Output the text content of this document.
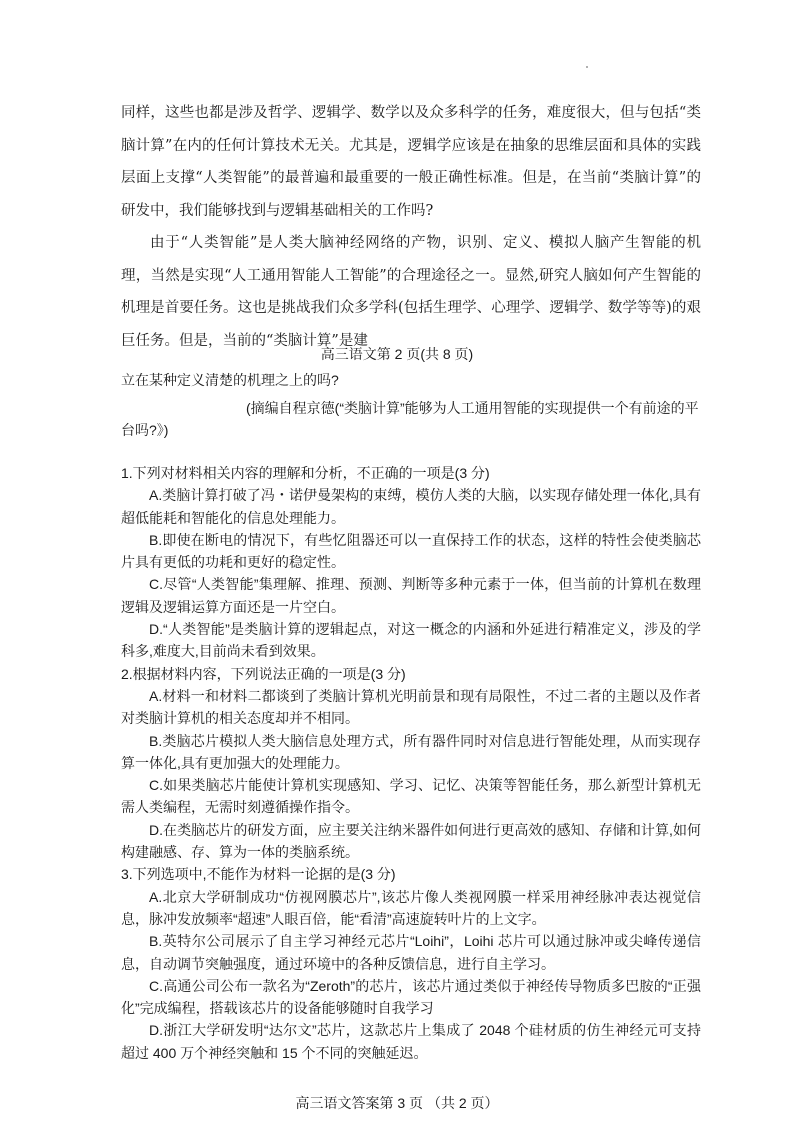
同样，这些也都是涉及哲学、逻辑学、数学以及众多科学的任务，难度很大，但与包括“类脑计算”在内的任何计算技术无关。尤其是，逻辑学应该是在抽象的思维层面和具体的实践层面上支撑“人类智能”的最普遍和最重要的一般正确性标准。但是，在当前“类脑计算”的研发中，我们能够找到与逻辑基础相关的工作吗?

由于“人类智能”是人类大脑神经网络的产物，识别、定义、模拟人脑产生智能的机理，当然是实现“人工通用智能人工智能”的合理途径之一。显然,研究人脑如何产生智能的机理是首要任务。这也是挑战我们众多学科(包括生理学、心理学、逻辑学、数学等等)的艰巨任务。但是，当前的“类脑计算”是建

高三语文第 2 页(共 8 页)
立在某种定义清楚的机理之上的吗?
(摘编自程京德(“类脑计算”能够为人工通用智能的实现提供一个有前途的平台吗?》)

1.下列对材料相关内容的理解和分析，不正确的一项是(3 分)

A.类脑计算打破了冯・诺伊曼架构的束缚，模仿人类的大脑，以实现存储处理一体化,具有超低能耗和智能化的信息处理能力。

B.即使在断电的情况下，有些忆阻器还可以一直保持工作的状态，这样的特性会使类脑芯片具有更低的功耗和更好的稳定性。

C.尽管“人类智能”集理解、推理、预测、判断等多种元素于一体，但当前的计算机在数理逻辑及逻辑运算方面还是一片空白。

D.“人类智能”是类脑计算的逻辑起点，对这一概念的内涵和外延进行精准定义，涉及的学科多,难度大,目前尚未看到效果。

2.根据材料内容，下列说法正确的一项是(3 分)

A.材料一和材料二都谈到了类脑计算机光明前景和现有局限性，不过二者的主题以及作者对类脑计算机的相关态度却并不相同。

B.类脑芯片模拟人类大脑信息处理方式，所有器件同时对信息进行智能处理，从而实现存算一体化,具有更加强大的处理能力。

C.如果类脑芯片能使计算机实现感知、学习、记忆、决策等智能任务，那么新型计算机无需人类编程，无需时刻遵循操作指令。

D.在类脑芯片的研发方面，应主要关注纳米器件如何进行更高效的感知、存储和计算,如何构建融感、存、算为一体的类脑系统。

3.下列选项中,不能作为材料一论据的是(3 分)

A.北京大学研制成功“仿视网膜芯片”,该芯片像人类视网膜一样采用神经脉冲表达视觉信息，脉冲发放频率“超速”人眼百倍，能“看清”高速旋转叶片的上文字。

B.英特尔公司展示了自主学习神经元芯片“Loihi”，Loihi 芯片可以通过脉冲或尖峰传递信息，自动调节突触强度，通过环境中的各种反馈信息，进行自主学习。

C.高通公司公布一款名为“Zeroth”的芯片，该芯片通过类似于神经传导物质多巴胺的“正强化”完成编程，搭载该芯片的设备能够随时自我学习

D.浙江大学研发明“达尔文”芯片，这款芯片上集成了 2048 个硅材质的仿生神经元可支持超过 400 万个神经突触和 15 个不同的突触延迟。

高三语文答案第 3 页 （共 2 页）
